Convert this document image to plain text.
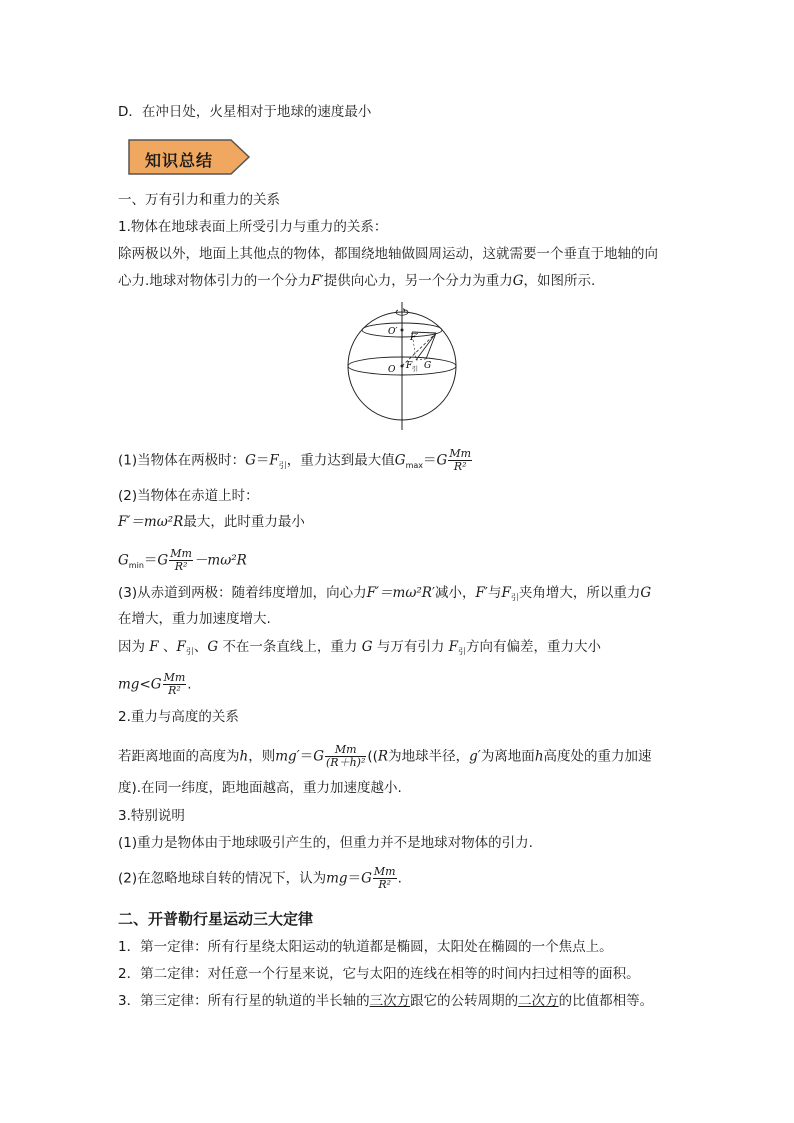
D．在冲日处，火星相对于地球的速度最小
知识总结
一、万有引力和重力的关系
1.物体在地球表面上所受引力与重力的关系：
除两极以外，地面上其他点的物体，都围绕地轴做圆周运动，这就需要一个垂直于地轴的向
心力.地球对物体引力的一个分力F′提供向心力，另一个分力为重力G，如图所示.
O′
F′
O F 引 G
(1)当物体在两极时：$G=F_引$，重力达到最大值$G_{max}=G \frac{Mm}{\text{R²}}$
(2)当物体在赤道上时：
F′＝mω²R最大，此时重力最小
$G_{min}=G \frac{Mm}{\text{R²}} -m\omega^2R$
(3)从赤道到两极：随着纬度增加，向心力F′＝mω²R′减小，F′与$F_引$夹角增大，所以重力G
在增大，重力加速度增大.
因为 F 、$F_引$、G 不在一条直线上，重力 G 与万有引力 $F_引$方向有偏差，重力大小
$mg<G \frac{Mm}{\text{R²}}$ .
2.重力与高度的关系
若距离地面的高度为h，则$mg'=G \frac{Mm}{\text{(R＋h)²}} ((R$为地球半径，g′为离地面h高度处的重力加速
度).在同一纬度，距地面越高，重力加速度越小.
3.特别说明
(1)重力是物体由于地球吸引产生的，但重力并不是地球对物体的引力.
(2)在忽略地球自转的情况下，认为$mg=G \frac{Mm}{\text{R²}}$ .
二、开普勒行星运动三大定律
1．第一定律：所有行星绕太阳运动的轨道都是椭圆，太阳处在椭圆的一个焦点上。
2．第二定律：对任意一个行星来说，它与太阳的连线在相等的时间内扫过相等的面积。
3．第三定律：所有行星的轨道的半长轴的三次方跟它的公转周期的二次方的比值都相等。
